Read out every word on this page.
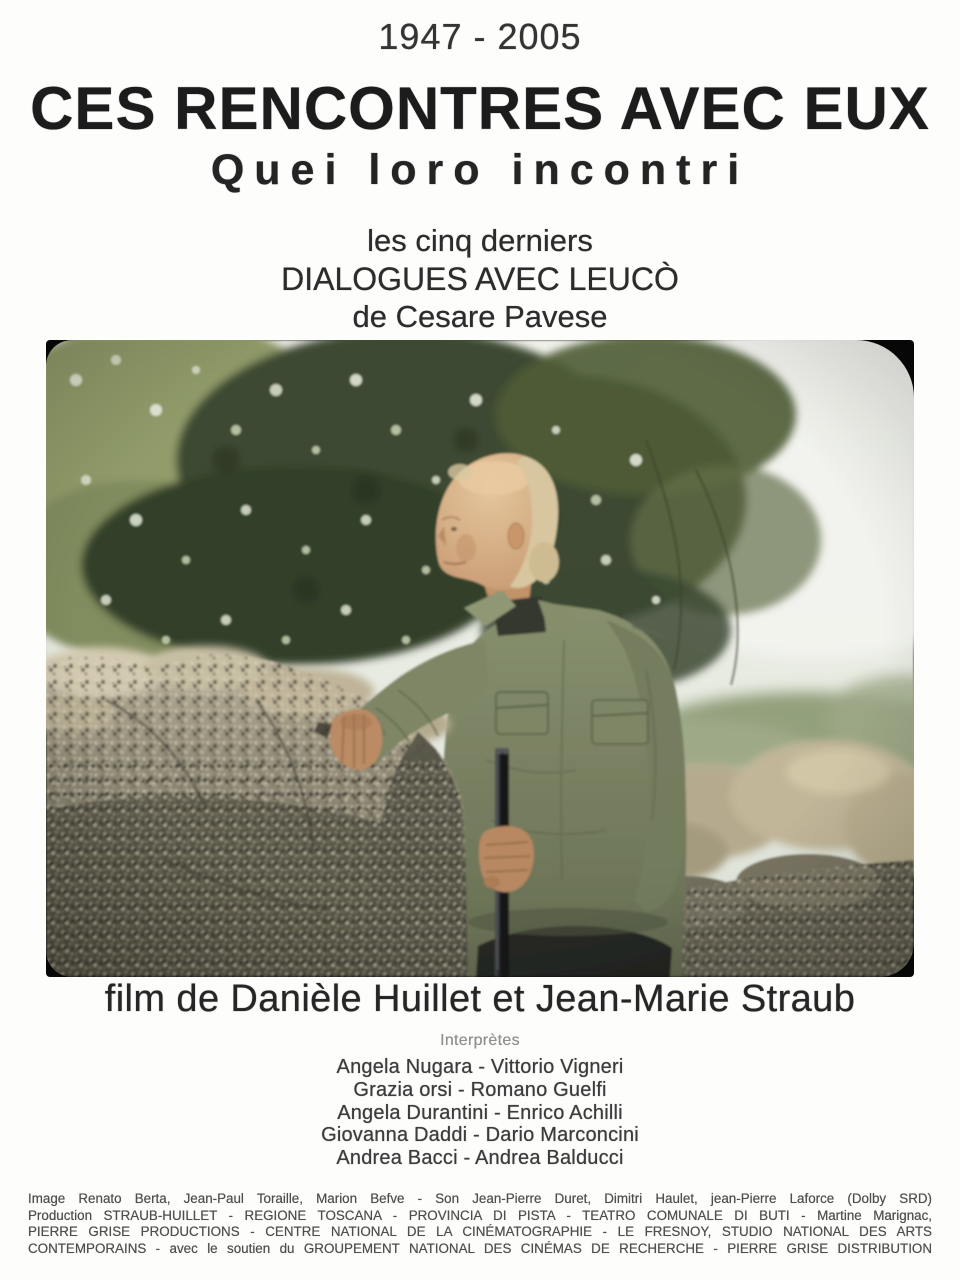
1947 - 2005
CES RENCONTRES AVEC EUX
Quei loro incontri
les cinq derniers
DIALOGUES AVEC LEUCÒ
de Cesare Pavese
film de Danièle Huillet et Jean-Marie Straub
Interprètes
Angela Nugara - Vittorio Vigneri
Grazia orsi - Romano Guelfi
Angela Durantini - Enrico Achilli
Giovanna Daddi - Dario Marconcini
Andrea Bacci - Andrea Balducci
Image Renato Berta, Jean-Paul Toraille, Marion Befve - Son Jean-Pierre Duret, Dimitri Haulet, jean-Pierre Laforce (Dolby SRD)
Production STRAUB-HUILLET - REGIONE TOSCANA - PROVINCIA DI PISTA - TEATRO COMUNALE DI BUTI - Martine Marignac,
PIERRE GRISE PRODUCTIONS - CENTRE NATIONAL DE LA CINÉMATOGRAPHIE - LE FRESNOY, STUDIO NATIONAL DES ARTS
CONTEMPORAINS - avec le soutien du GROUPEMENT NATIONAL DES CINÉMAS DE RECHERCHE - PIERRE GRISE DISTRIBUTION
